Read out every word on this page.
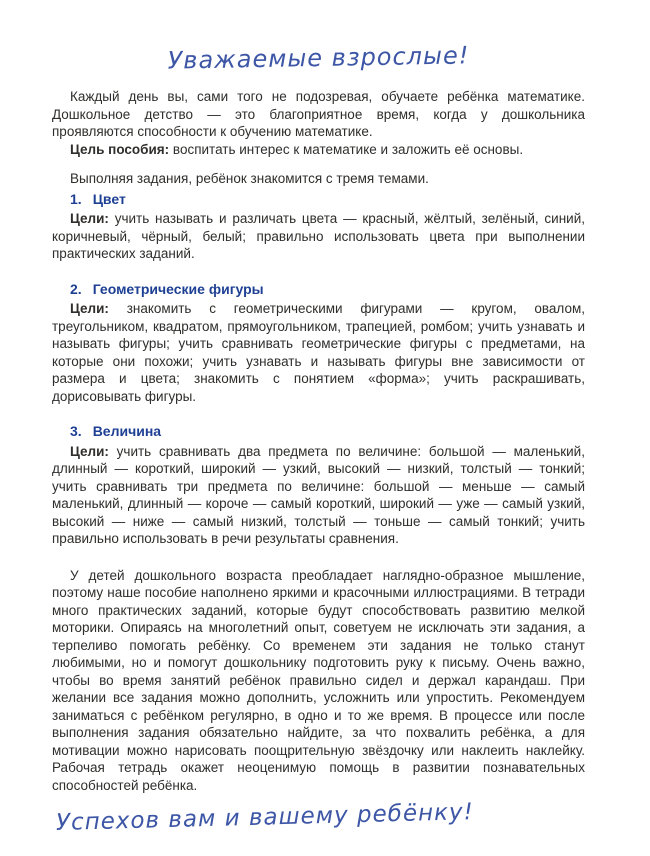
Уважаемые взрослые!

Каждый день вы, сами того не подозревая, обучаете ребёнка математике. Дошкольное детство — это благоприятное время, когда у дошкольника проявляются способности к обучению математике.

Цель пособия: воспитать интерес к математике и заложить её основы.

Выполняя задания, ребёнок знакомится с тремя темами.

1. Цвет

Цели: учить называть и различать цвета — красный, жёлтый, зелёный, синий, коричневый, чёрный, белый; правильно использовать цвета при выполнении практических заданий.

2. Геометрические фигуры

Цели: знакомить с геометрическими фигурами — кругом, овалом, треугольником, квадратом, прямоугольником, трапецией, ромбом; учить узнавать и называть фигуры; учить сравнивать геометрические фигуры с предметами, на которые они похожи; учить узнавать и называть фигуры вне зависимости от размера и цвета; знакомить с понятием «форма»; учить раскрашивать, дорисовывать фигуры.

3. Величина

Цели: учить сравнивать два предмета по величине: большой — маленький, длинный — короткий, широкий — узкий, высокий — низкий, толстый — тонкий; учить сравнивать три предмета по величине: большой — меньше — самый маленький, длинный — короче — самый короткий, широкий — уже — самый узкий, высокий — ниже — самый низкий, толстый — тоньше — самый тонкий; учить правильно использовать в речи результаты сравнения.

У детей дошкольного возраста преобладает наглядно-образное мышление, поэтому наше пособие наполнено яркими и красочными иллюстрациями. В тетради много практических заданий, которые будут способствовать развитию мелкой моторики. Опираясь на многолетний опыт, советуем не исключать эти задания, а терпеливо помогать ребёнку. Со временем эти задания не только станут любимыми, но и помогут дошкольнику подготовить руку к письму. Очень важно, чтобы во время занятий ребёнок правильно сидел и держал карандаш. При желании все задания можно дополнить, усложнить или упростить. Рекомендуем заниматься с ребёнком регулярно, в одно и то же время. В процессе или после выполнения задания обязательно найдите, за что похвалить ребёнка, а для мотивации можно нарисовать поощрительную звёздочку или наклеить наклейку. Рабочая тетрадь окажет неоценимую помощь в развитии познавательных способностей ребёнка.

Успехов вам и вашему ребёнку!
